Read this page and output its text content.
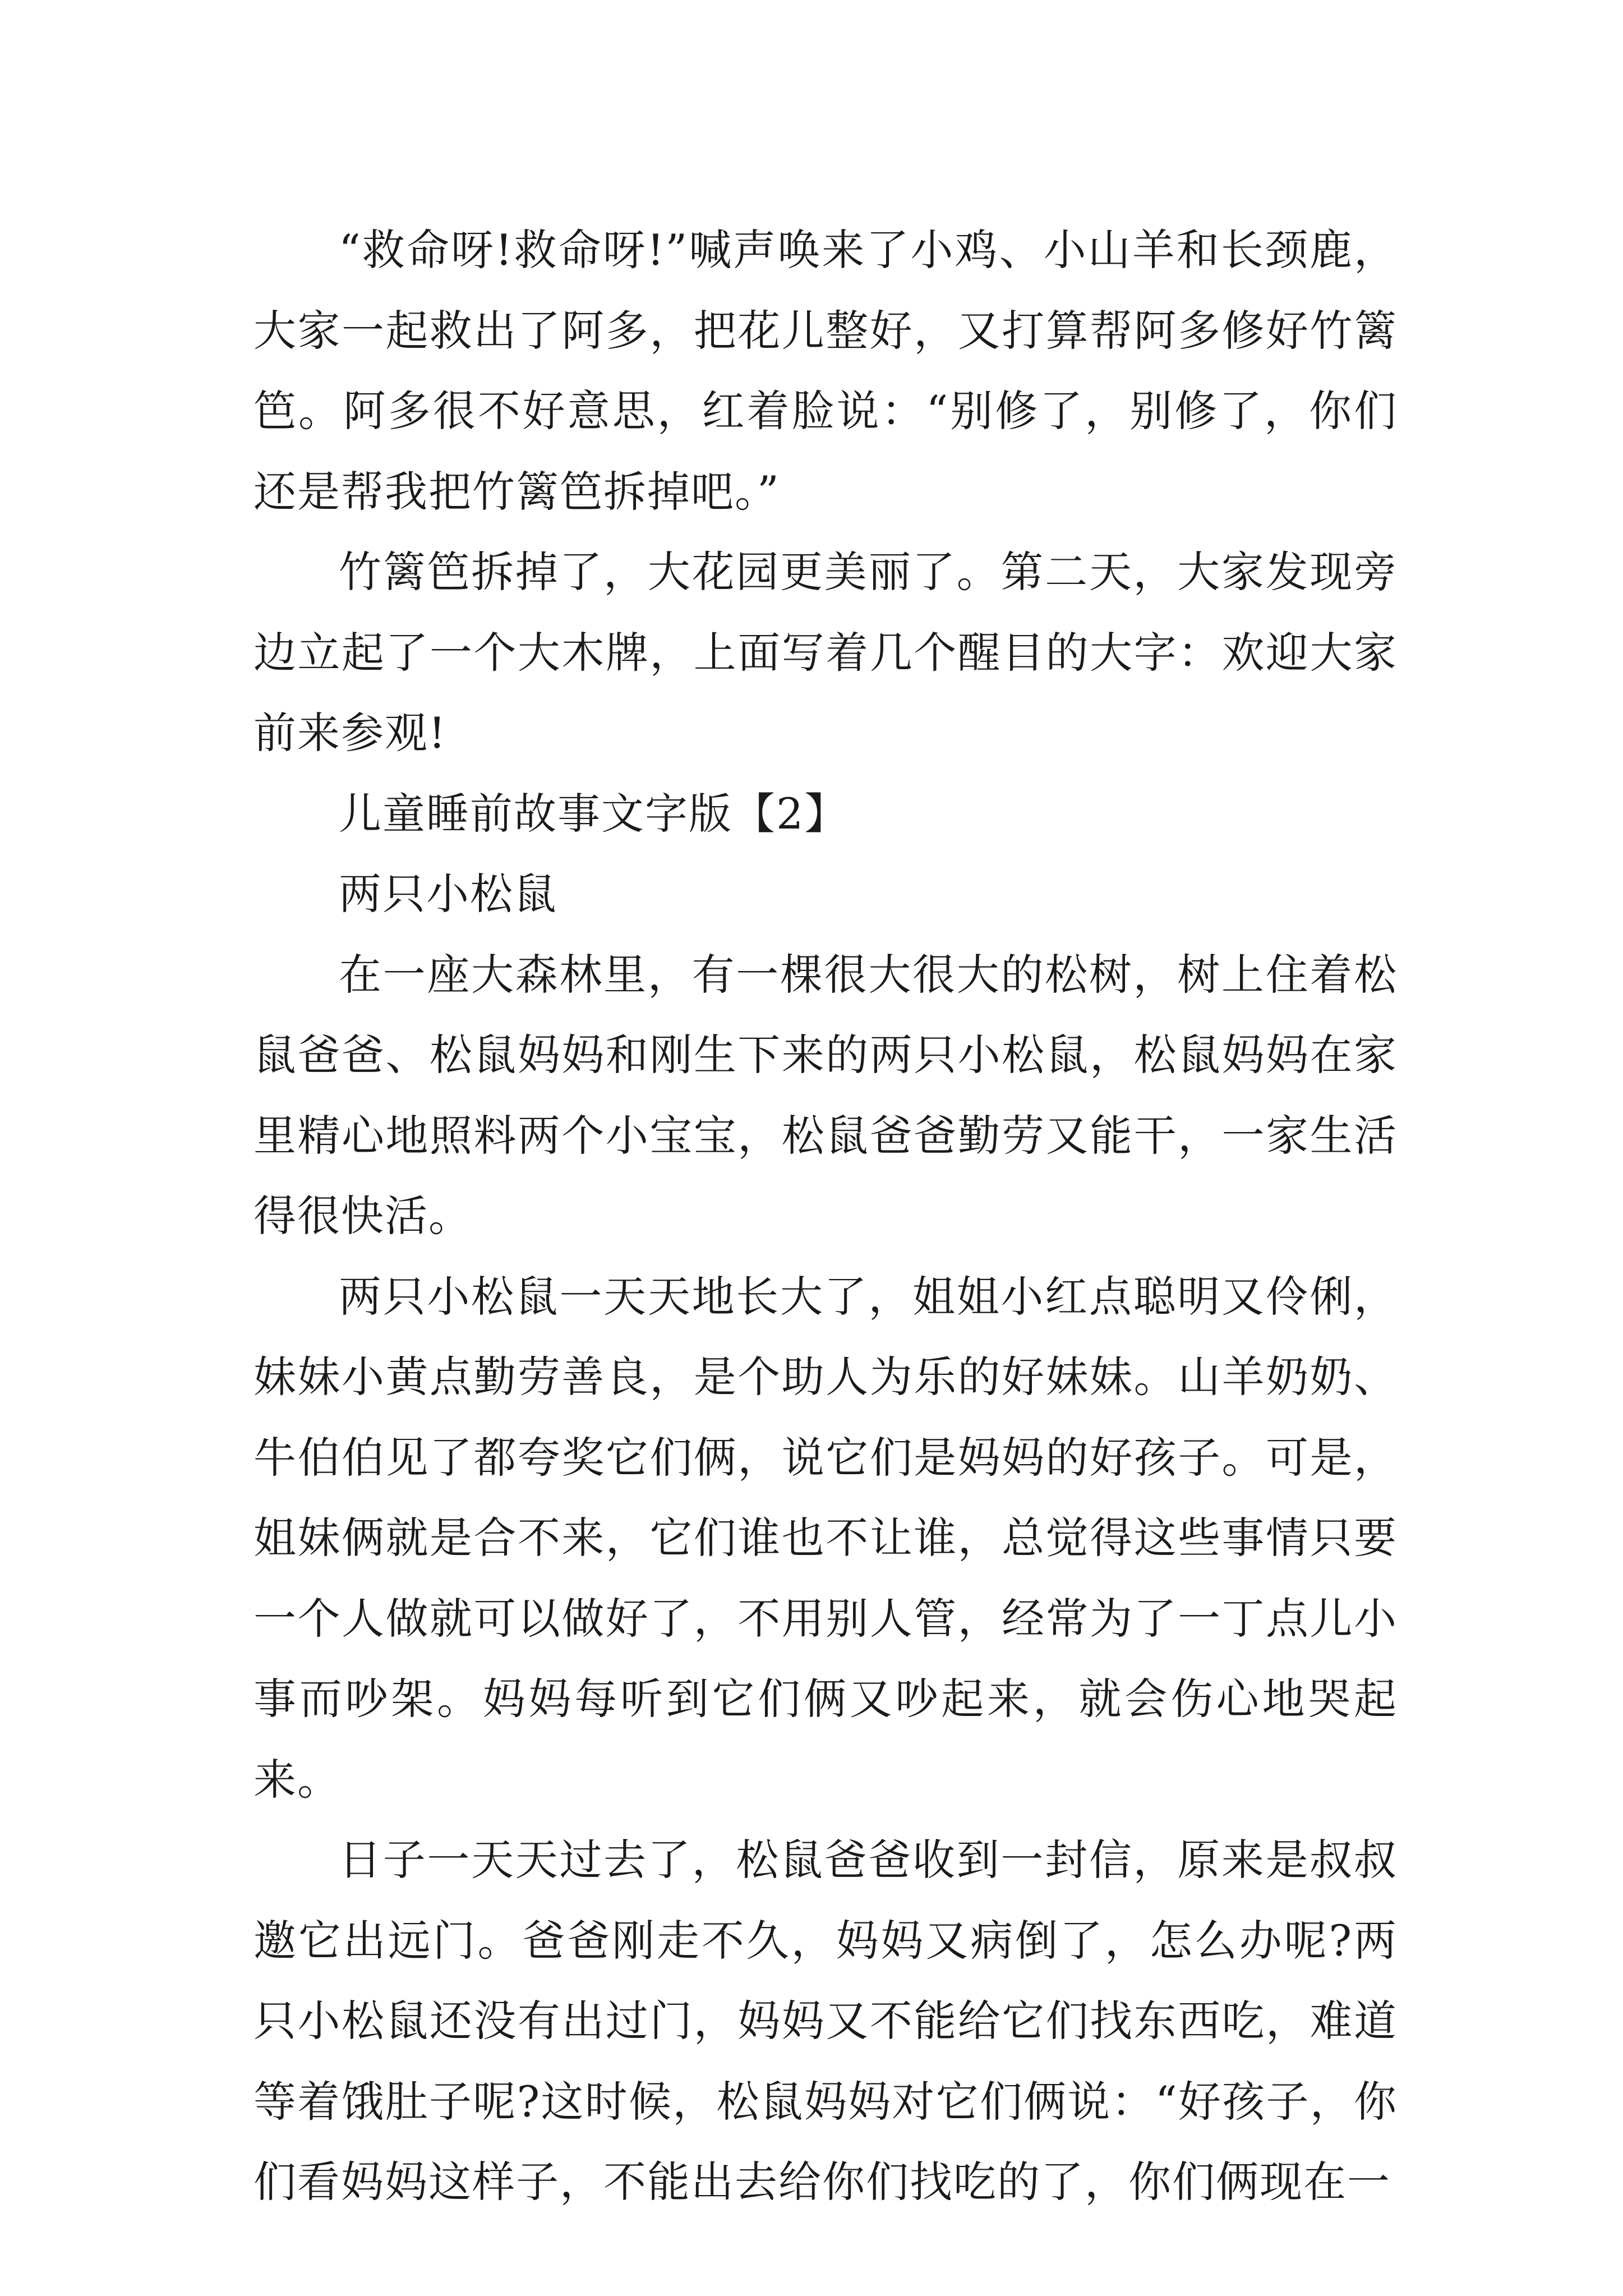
“救命呀!救命呀!”喊声唤来了小鸡、小山羊和长颈鹿，大家一起救出了阿多，把花儿整好，又打算帮阿多修好竹篱笆。阿多很不好意思，红着脸说：“别修了，别修了，你们还是帮我把竹篱笆拆掉吧。”

竹篱笆拆掉了，大花园更美丽了。第二天，大家发现旁边立起了一个大木牌，上面写着几个醒目的大字：欢迎大家前来参观!

儿童睡前故事文字版【2】

两只小松鼠

在一座大森林里，有一棵很大很大的松树，树上住着松鼠爸爸、松鼠妈妈和刚生下来的两只小松鼠，松鼠妈妈在家里精心地照料两个小宝宝，松鼠爸爸勤劳又能干，一家生活得很快活。

两只小松鼠一天天地长大了，姐姐小红点聪明又伶俐，妹妹小黄点勤劳善良，是个助人为乐的好妹妹。山羊奶奶、牛伯伯见了都夸奖它们俩，说它们是妈妈的好孩子。可是，姐妹俩就是合不来，它们谁也不让谁，总觉得这些事情只要一个人做就可以做好了，不用别人管，经常为了一丁点儿小事而吵架。妈妈每听到它们俩又吵起来，就会伤心地哭起来。

日子一天天过去了，松鼠爸爸收到一封信，原来是叔叔邀它出远门。爸爸刚走不久，妈妈又病倒了，怎么办呢?两只小松鼠还没有出过门，妈妈又不能给它们找东西吃，难道等着饿肚子呢?这时候，松鼠妈妈对它们俩说：“好孩子，你们看妈妈这样子，不能出去给你们找吃的了，你们俩现在一
